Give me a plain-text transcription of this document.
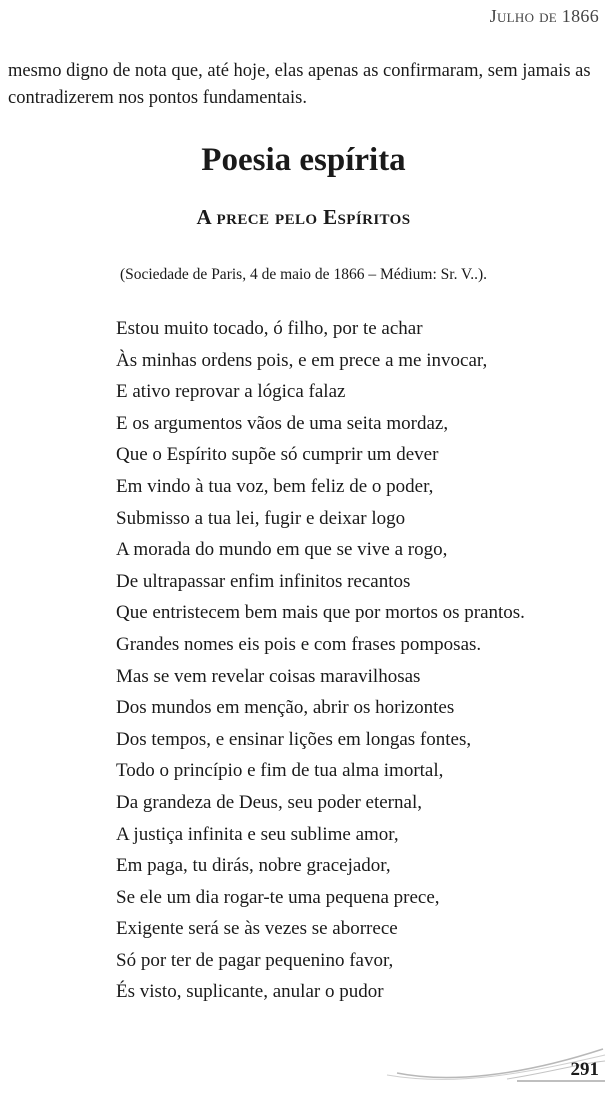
Julho de 1866

mesmo digno de nota que, até hoje, elas apenas as confirmaram, sem jamais as contradizerem nos pontos fundamentais.

Poesia espírita
A prece pelo Espíritos

(Sociedade de Paris, 4 de maio de 1866 – Médium: Sr. V..).

Estou muito tocado, ó filho, por te achar
Às minhas ordens pois, e em prece a me invocar,
E ativo reprovar a lógica falaz
E os argumentos vãos de uma seita mordaz,
Que o Espírito supõe só cumprir um dever
Em vindo à tua voz, bem feliz de o poder,
Submisso a tua lei, fugir e deixar logo
A morada do mundo em que se vive a rogo,
De ultrapassar enfim infinitos recantos
Que entristecem bem mais que por mortos os prantos.
Grandes nomes eis pois e com frases pomposas.
Mas se vem revelar coisas maravilhosas
Dos mundos em menção, abrir os horizontes
Dos tempos, e ensinar lições em longas fontes,
Todo o princípio e fim de tua alma imortal,
Da grandeza de Deus, seu poder eternal,
A justiça infinita e seu sublime amor,
Em paga, tu dirás, nobre gracejador,
Se ele um dia rogar-te uma pequena prece,
Exigente será se às vezes se aborrece
Só por ter de pagar pequenino favor,
És visto, suplicante, anular o pudor
291
